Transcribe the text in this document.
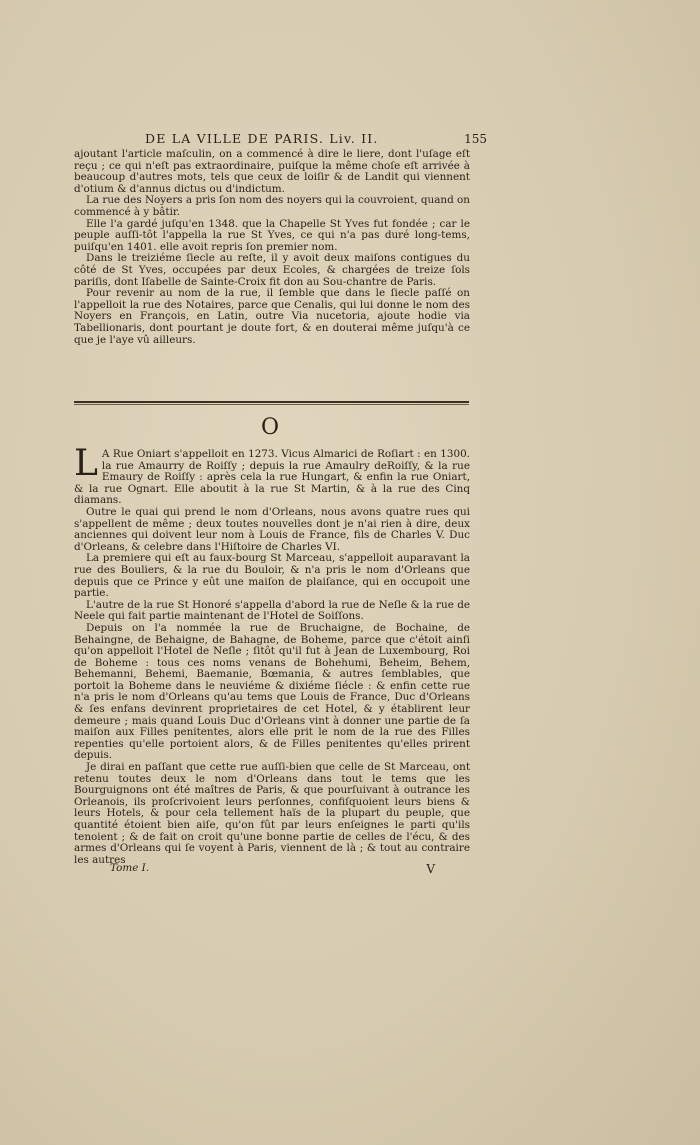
DE LA VILLE DE PARIS. Liv. II.	155

ajoutant l'article maſculin, on a commencé à dire le liere, dont l'uſage eſt reçu ; ce qui n'eſt pas extraordinaire, puiſque la même choſe eſt arrivée à beaucoup d'autres mots, tels que ceux de loiſir & de Landit qui viennent d'otium & d'annus dictus ou d'indictum.

La rue des Noyers a pris ſon nom des noyers qui la couvroient, quand on commencé à y bâtir.

Elle l'a gardé juſqu'en 1348. que la Chapelle St Yves fut fondée ; car le peuple auſſi-tôt l'appella la rue St Yves, ce qui n'a pas duré long-tems, puiſqu'en 1401. elle avoit repris ſon premier nom.

Dans le treiziéme ſiecle au reſte, il y avoit deux maiſons contigues du côté de St Yves, occupées par deux Ecoles, & chargées de treize ſols pariſis, dont Iſabelle de Sainte-Croix fit don au Sou-chantre de Paris.

Pour revenir au nom de la rue, il ſemble que dans le ſiecle paſſé on l'appelloit la rue des Notaires, parce que Cenalis, qui lui donne le nom des Noyers en François, en Latin, outre Via nucetoria, ajoute hodie via Tabellionaris, dont pourtant je doute fort, & en douterai même juſqu'à ce que je l'aye vû ailleurs.

O

L A Rue Oniart s'appelloit en 1273. Vicus Almarici de Roſiart : en 1300. la rue Amaurry de Roiſſy ; depuis la rue Amaulry deRoiſſy, & la rue Emaury de Roiſſy : après cela la rue Hungart, & enfin la rue Oniart, & la rue Ognart. Elle aboutit à la rue St Martin, & à la rue des Cinq diamans.

Outre le quai qui prend le nom d'Orleans, nous avons quatre rues qui s'appellent de même ; deux toutes nouvelles dont je n'ai rien à dire, deux anciennes qui doivent leur nom à Louis de France, fils de Charles V. Duc d'Orleans, & celebre dans l'Hiſtoire de Charles VI.

La premiere qui eſt au faux-bourg St Marceau, s'appelloit auparavant la rue des Bouliers, & la rue du Bouloir, & n'a pris le nom d'Orleans que depuis que ce Prince y eût une maiſon de plaiſance, qui en occupoit une partie.

L'autre de la rue St Honoré s'appella d'abord la rue de Neſle & la rue de Neele qui fait partie maintenant de l'Hotel de Soiſſons.

Depuis on l'a nommée la rue de Bruchaigne, de Bochaine, de Behaingne, de Behaigne, de Bahagne, de Boheme, parce que c'étoit ainſi qu'on appelloit l'Hotel de Neſle ; ſitôt qu'il fut à Jean de Luxembourg, Roi de Boheme : tous ces noms venans de Bohehumi, Beheim, Behem, Behemanni, Behemi, Baemanie, Bœmania, & autres ſemblables, que portoit la Boheme dans le neuviéme & dixiéme ſiécle : & enfin cette rue n'a pris le nom d'Orleans qu'au tems que Louis de France, Duc d'Orleans & ſes enfans devinrent proprietaires de cet Hotel, & y établirent leur demeure ; mais quand Louis Duc d'Orleans vint à donner une partie de ſa maiſon aux Filles penitentes, alors elle prit le nom de la rue des Filles repenties qu'elle portoient alors, & de Filles penitentes qu'elles prirent depuis.

Je dirai en paſſant que cette rue auſſi-bien que celle de St Marceau, ont retenu toutes deux le nom d'Orleans dans tout le tems que les Bourguignons ont été maîtres de Paris, & que pourſuivant à outrance les Orleanois, ils proſcrivoient leurs perſonnes, confiſquoient leurs biens & leurs Hotels, & pour cela tellement haïs de la plupart du peuple, que quantité étoient bien aiſe, qu'on fût par leurs enſeignes le parti qu'ils tenoient ; & de fait on croit qu'une bonne partie de celles de l'écu, & des armes d'Orleans qui ſe voyent à Paris, viennent de là ; & tout au contraire les autres

Tome I.	V
